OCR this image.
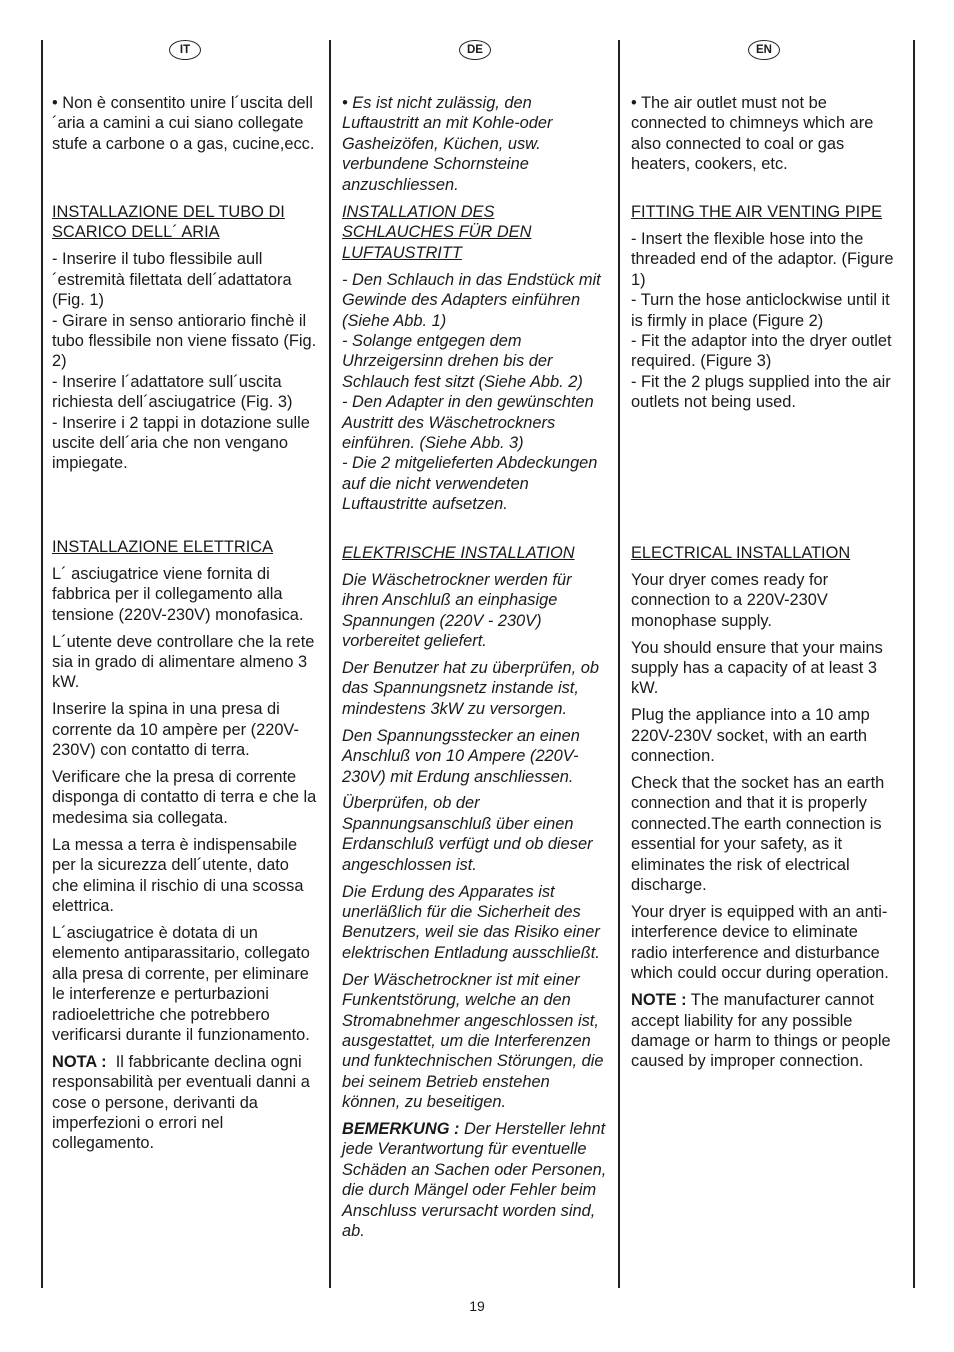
IT

• Non è consentito unire l´uscita dell´aria a camini a cui siano collegate stufe a carbone o a gas, cucine,ecc.

INSTALLAZIONE DEL TUBO DI SCARICO DELL´ ARIA

- Inserire il tubo flessibile aull´estremità filettata dell´adattatora (Fig. 1)
- Girare in senso antiorario finchè il tubo flessibile non viene fissato (Fig. 2)
- Inserire l´adattatore sull´uscita richiesta dell´asciugatrice (Fig. 3)
- Inserire i 2 tappi in dotazione sulle uscite dell´aria che non vengano impiegate.

INSTALLAZIONE ELETTRICA

L´ asciugatrice viene fornita di fabbrica per il collegamento alla tensione (220V-230V) monofasica.

L´utente deve controllare che la rete sia in grado di alimentare almeno 3 kW.

Inserire la spina in una presa di corrente da 10 ampère per (220V-230V) con contatto di terra.

Verificare che la presa di corrente disponga di contatto di terra e che la medesima sia collegata.

La messa a terra è indispensabile per la sicurezza dell´utente, dato che elimina il rischio di una scossa elettrica.

L´asciugatrice è dotata di un elemento antiparassitario, collegato alla presa di corrente, per eliminare le interferenze e perturbazioni radioelettriche che potrebbero verificarsi durante il funzionamento.

NOTA :  Il fabbricante declina ogni responsabilità per eventuali danni a cose o persone, derivanti da imperfezioni o errori nel collegamento.

DE

• Es ist nicht zulässig, den Luftaustritt an mit Kohle-oder Gasheizöfen, Küchen, usw. verbundene Schornsteine anzuschliessen.

INSTALLATION DES SCHLAUCHES FÜR DEN LUFTAUSTRITT

- Den Schlauch in das Endstück mit Gewinde des Adapters einführen (Siehe Abb. 1)
- Solange entgegen dem Uhrzeigersinn drehen bis der Schlauch fest sitzt (Siehe Abb. 2)
- Den Adapter in den gewünschten Austritt des Wäschetrockners einführen. (Siehe Abb. 3)
- Die 2 mitgelieferten Abdeckungen auf die nicht verwendeten Luftaustritte aufsetzen.

ELEKTRISCHE INSTALLATION

Die Wäschetrockner werden für ihren Anschluß an einphasige Spannungen (220V - 230V) vorbereitet geliefert.

Der Benutzer hat zu überprüfen, ob das Spannungsnetz instande ist, mindestens 3kW zu versorgen.

Den Spannungsstecker an einen Anschluß von 10 Ampere (220V-230V) mit Erdung anschliessen.

Überprüfen, ob der Spannungsanschluß über einen Erdanschluß verfügt und ob dieser angeschlossen ist.

Die Erdung des Apparates ist unerläßlich für die Sicherheit des Benutzers, weil sie das Risiko einer elektrischen Entladung ausschließt.

Der Wäschetrockner ist mit einer Funkentstörung, welche an den Stromabnehmer angeschlossen ist, ausgestattet, um die Interferenzen und funktechnischen Störungen, die bei seinem Betrieb enstehen können, zu beseitigen.

BEMERKUNG : Der Hersteller lehnt jede Verantwortung für eventuelle Schäden an Sachen oder Personen, die durch Mängel oder Fehler beim Anschluss verursacht worden sind, ab.

EN

• The air outlet must not be connected to chimneys which are also connected to coal or gas heaters, cookers, etc.

FITTING THE AIR VENTING PIPE

- Insert the flexible hose into the threaded end of the adaptor. (Figure 1)
- Turn the hose anticlockwise until it is firmly in place (Figure 2)
- Fit the adaptor into the dryer outlet required. (Figure 3)
- Fit the 2 plugs supplied into the air outlets not being used.

ELECTRICAL INSTALLATION

Your dryer comes ready for connection to a 220V-230V monophase supply.

You should ensure that your mains supply has a capacity of at least 3 kW.

Plug the appliance into a 10 amp 220V-230V socket, with an earth connection.

Check that the socket has an earth connection and that it is properly connected.The earth connection is essential for your safety, as it eliminates the risk of electrical discharge.

Your dryer is equipped with an anti-interference device to eliminate radio interference and disturbance which could occur during operation.

NOTE : The manufacturer cannot accept liability for any possible damage or harm to things or people caused by improper connection.

19
